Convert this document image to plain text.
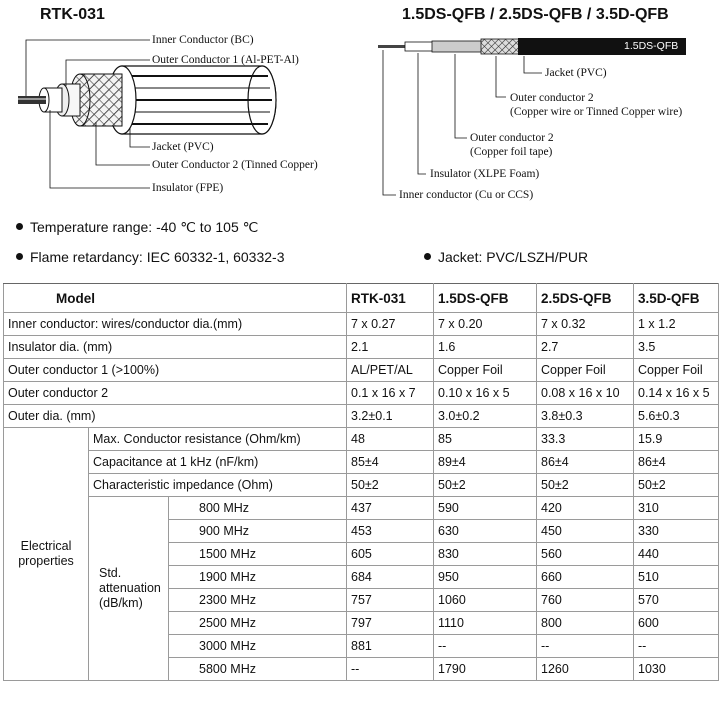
RTK-031	1.5DS-QFB / 2.5DS-QFB / 3.5D-QFB
1.5DS-QFB
Inner Conductor (BC)
Outer Conductor 1 (Al-PET-Al)
Jacket (PVC)
Outer Conductor 2 (Tinned Copper)
Insulator (FPE)
Jacket (PVC)
Outer conductor 2
(Copper wire or Tinned Copper wire)
Outer conductor 2
(Copper foil tape)
Insulator (XLPE Foam)
Inner conductor (Cu or CCS)
Temperature range: -40 ℃ to 105 ℃
Flame retardancy: IEC 60332-1, 60332-3	Jacket: PVC/LSZH/PUR
Model			RTK-031	1.5DS-QFB	2.5DS-QFB	3.5D-QFB
Inner conductor: wires/conductor dia.(mm)			7 x 0.27	7 x 0.20	7 x 0.32	1 x 1.2
Insulator dia. (mm)			2.1	1.6	2.7	3.5
Outer conductor 1 (>100%)			AL/PET/AL	Copper Foil	Copper Foil	Copper Foil
Outer conductor 2			0.1 x 16 x 7	0.10 x 16 x 5	0.08 x 16 x 10	0.14 x 16 x 5
Outer dia. (mm)			3.2±0.1	3.0±0.2	3.8±0.3	5.6±0.3
Electrical properties	Max. Conductor resistance (Ohm/km)		48	85	33.3	15.9
	Capacitance at 1 kHz (nF/km)		85±4	89±4	86±4	86±4
	Characteristic impedance (Ohm)		50±2	50±2	50±2	50±2
	Std. attenuation (dB/km)	800 MHz	437	590	420	310
		900 MHz	453	630	450	330
		1500 MHz	605	830	560	440
		1900 MHz	684	950	660	510
		2300 MHz	757	1060	760	570
		2500 MHz	797	1110	800	600
		3000 MHz	881	--	--	--
		5800 MHz	--	1790	1260	1030
